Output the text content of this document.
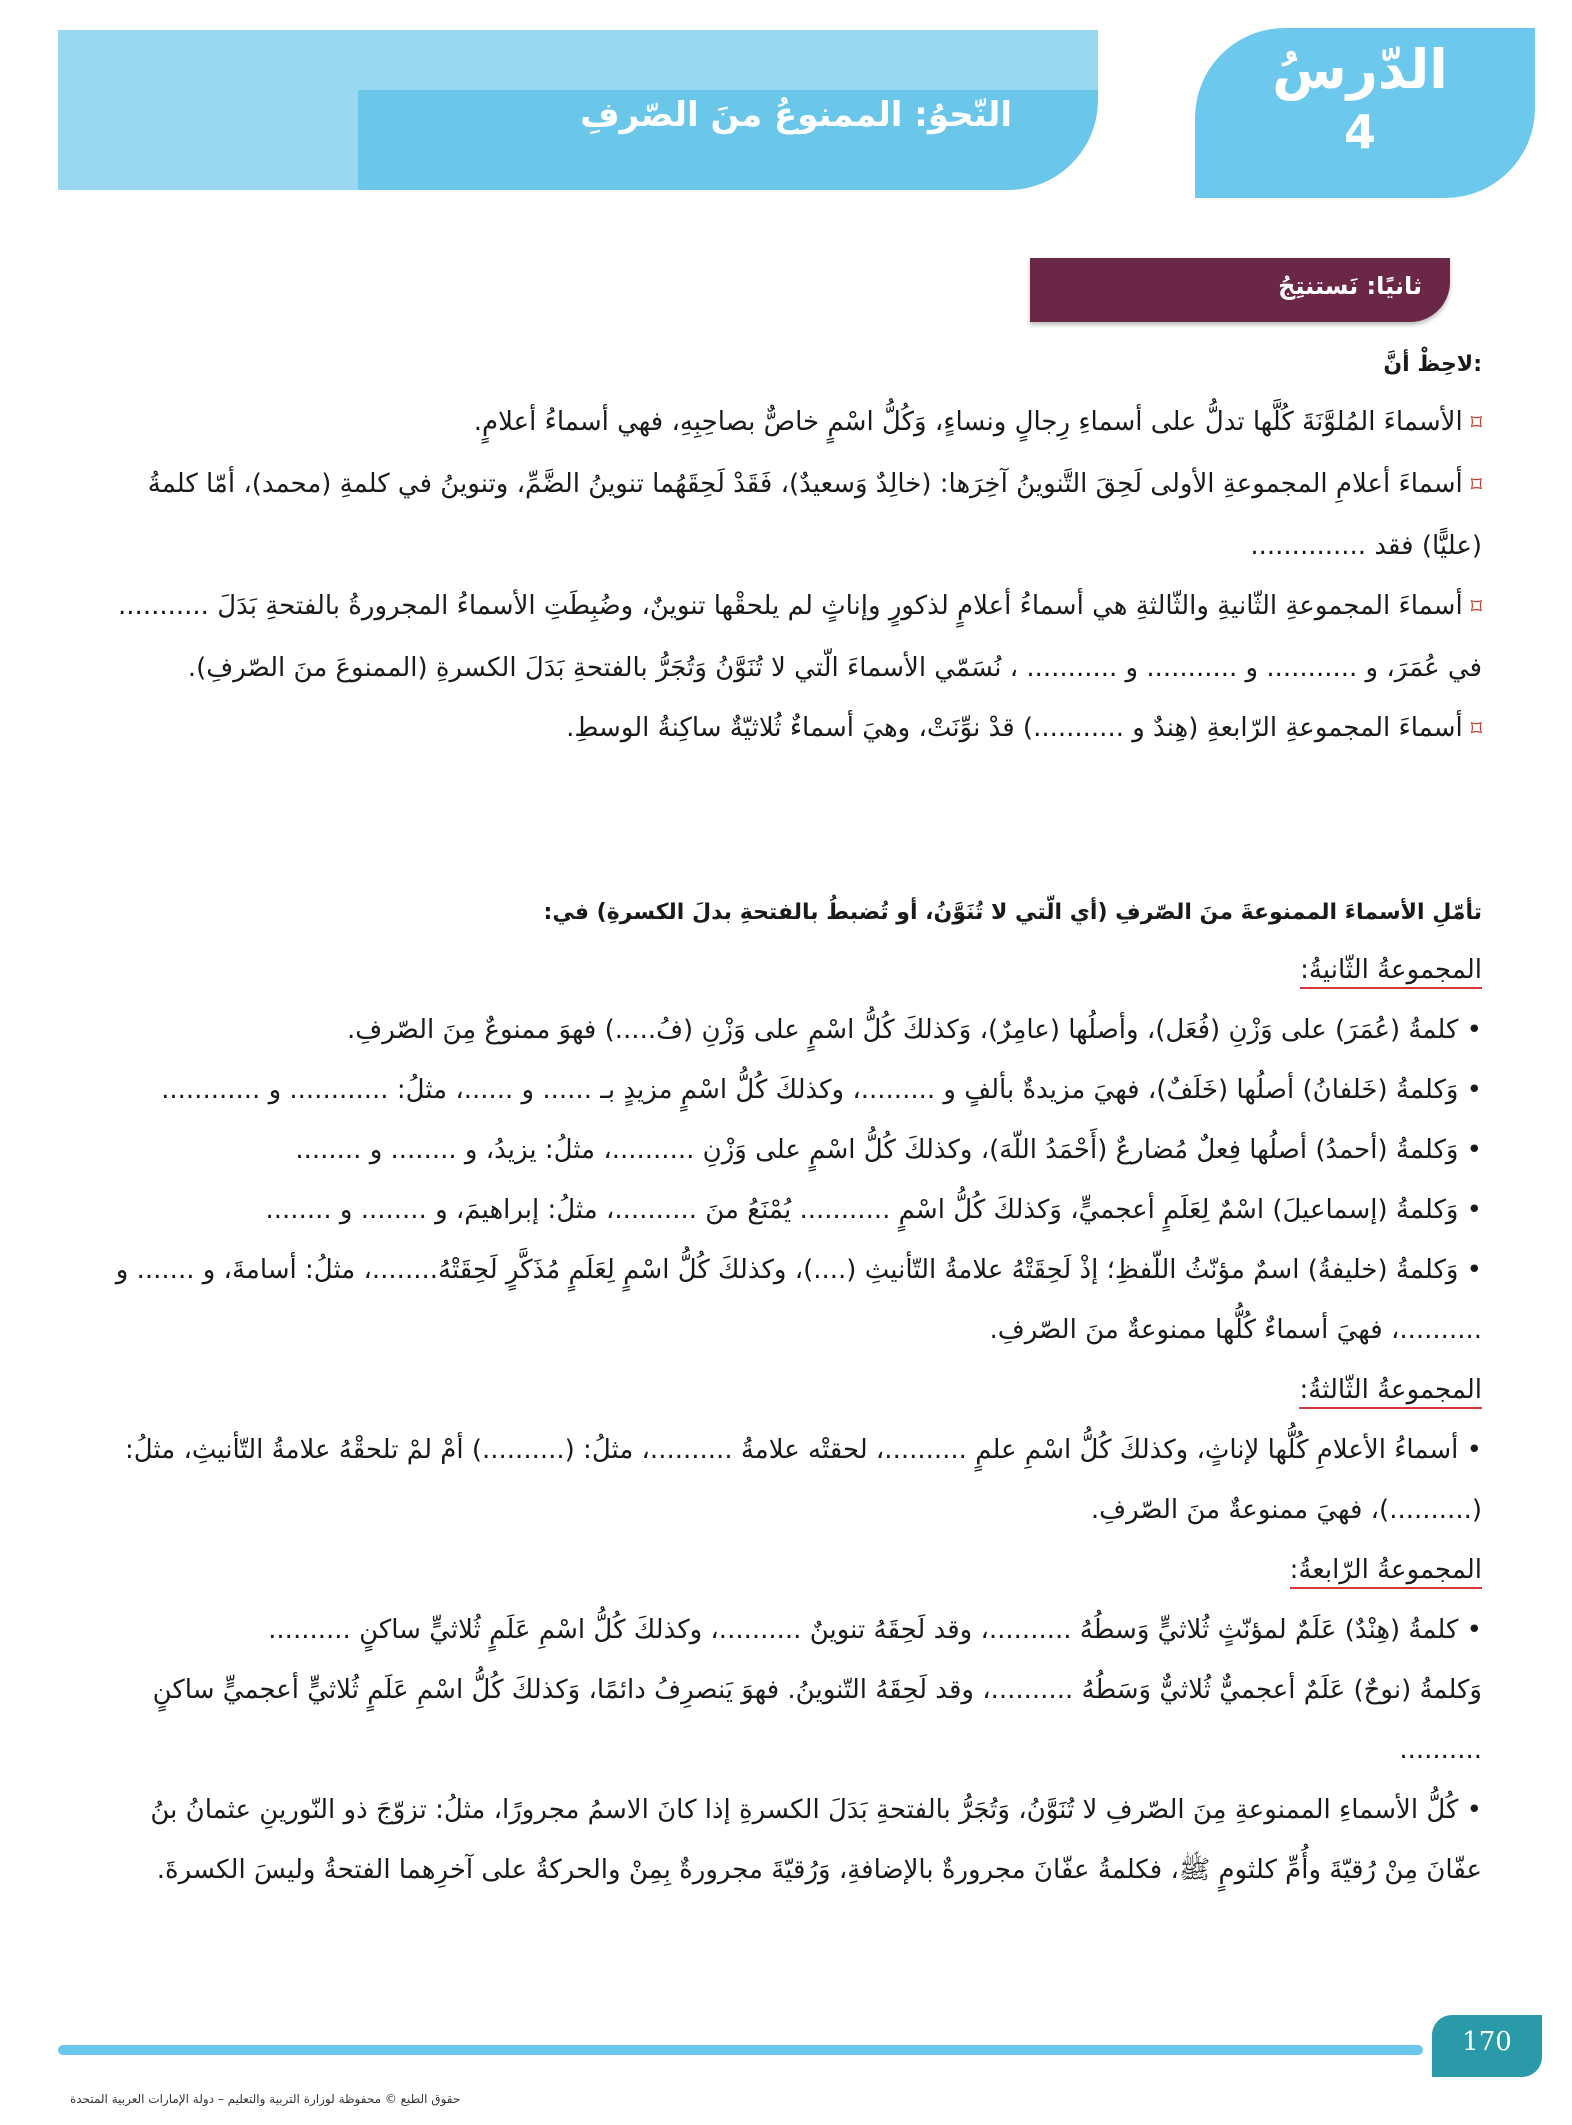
النّحوُ: الممنوعُ منَ الصّرفِ
الدّرسُ
4
ثانيًا: نَستنتِجُ
لاحِظْ أنَّ:
⌑الأسماءَ المُلوَّنَةَ كُلَّها تدلُّ على أسماءِ رِجالٍ ونساءٍ، وَكُلُّ اسْمٍ خاصٌّ بصاحِبِهِ، فهي أسماءُ أعلامٍ.
⌑أسماءَ أعلامِ المجموعةِ الأولى لَحِقَ التَّنوينُ آخِرَها: (خالِدٌ وَسعيدٌ)، فَقَدْ لَحِقَهُما تنوينُ الضَّمِّ، وتنوينُ في كلمةِ (محمد)، أمّا كلمةُ (عليًّا) فقد ..............
⌑أسماءَ المجموعةِ الثّانيةِ والثّالثةِ هي أسماءُ أعلامٍ لذكورٍ وإناثٍ لم يلحقْها تنوينٌ، وضُبِطَتِ الأسماءُ المجرورةُ بالفتحةِ بَدَلَ ........... في عُمَرَ، و ........... و ........... و ........... ، نُسَمّي الأسماءَ الّتي لا تُنَوَّنُ وَتُجَرُّ بالفتحةِ بَدَلَ الكسرةِ (الممنوعَ منَ الصّرفِ).
⌑أسماءَ المجموعةِ الرّابعةِ (هِندٌ و ...........) قدْ نوِّنَتْ، وهيَ أسماءٌ ثُلاثيّةٌ ساكِنةُ الوسطِ.
تأمّلِ الأسماءَ الممنوعةَ منَ الصّرفِ (أي الّتي لا تُنَوَّنُ، أو تُضبطُ بالفتحةِ بدلَ الكسرةِ) في:
المجموعةُ الثّانيةُ:
• كلمةُ (عُمَرَ) على وَزْنِ (فُعَل)، وأصلُها (عامِرٌ)، وَكذلكَ كُلُّ اسْمٍ على وَزْنِ (فُ.....) فهوَ ممنوعٌ مِنَ الصّرفِ.
• وَكلمةُ (خَلفانُ) أصلُها (خَلَفٌ)، فهيَ مزيدةٌ بألفٍ و .........، وكذلكَ كُلُّ اسْمٍ مزيدٍ بـ ...... و ......، مثلُ: ............ و ............
• وَكلمةُ (أحمدُ) أصلُها فِعلٌ مُضارعٌ (أَحْمَدُ اللّهَ)، وكذلكَ كُلُّ اسْمٍ على وَزْنِ ..........، مثلُ: يزيدُ، و ........ و ........
• وَكلمةُ (إسماعيلَ) اسْمٌ لِعَلَمٍ أعجميٍّ، وَكذلكَ كُلُّ اسْمٍ ........... يُمْنَعُ منَ ..........، مثلُ: إبراهيمَ، و ........ و ........
• وَكلمةُ (خليفةُ) اسمٌ مؤنّثُ اللّفظِ؛ إذْ لَحِقَتْهُ علامةُ التّأنيثِ (....)، وكذلكَ كُلُّ اسْمٍ لِعَلَمٍ مُذَكَّرٍ لَحِقَتْهُ........، مثلُ: أسامةَ، و ....... و ..........، فهيَ أسماءٌ كُلُّها ممنوعةٌ منَ الصّرفِ.
المجموعةُ الثّالثةُ:
• أسماءُ الأعلامِ كُلُّها لإناثٍ، وكذلكَ كُلُّ اسْمِ علمٍ ..........، لحقتْه علامةُ ..........، مثلُ: (..........) أمْ لمْ تلحقْهُ علامةُ التّأنيثِ، مثلُ: (..........)، فهيَ ممنوعةٌ منَ الصّرفِ.
المجموعةُ الرّابعةُ:
• كلمةُ (هِنْدٌ) عَلَمٌ لمؤنّثٍ ثُلاثيٍّ وَسطُهُ ..........، وقد لَحِقَهُ تنوينٌ ..........، وكذلكَ كُلُّ اسْمِ عَلَمٍ ثُلاثيٍّ ساكنٍ ..........
وَكلمةُ (نوحٌ) عَلَمٌ أعجميٌّ ثُلاثيٌّ وَسَطُهُ ..........، وقد لَحِقَهُ التّنوينُ. فهوَ يَنصرِفُ دائمًا، وَكذلكَ كُلُّ اسْمِ عَلَمٍ ثُلاثيٍّ أعجميٍّ ساكنٍ ..........
• كُلُّ الأسماءِ الممنوعةِ مِنَ الصّرفِ لا تُنَوَّنُ، وَتُجَرُّ بالفتحةِ بَدَلَ الكسرةِ إذا كانَ الاسمُ مجرورًا، مثلُ: تزوّجَ ذو النّورينِ عثمانُ بنُ عفّانَ مِنْ رُقيّةَ وأُمِّ كلثومٍ ﷺ، فكلمةُ عفّانَ مجرورةٌ بالإضافةِ، وَرُقيّةَ مجرورةٌ بِمِنْ والحركةُ على آخرِهما الفتحةُ وليسَ الكسرةَ.
170
حقوق الطبع © محفوظة لوزارة التربية والتعليم – دولة الإمارات العربية المتحدة
